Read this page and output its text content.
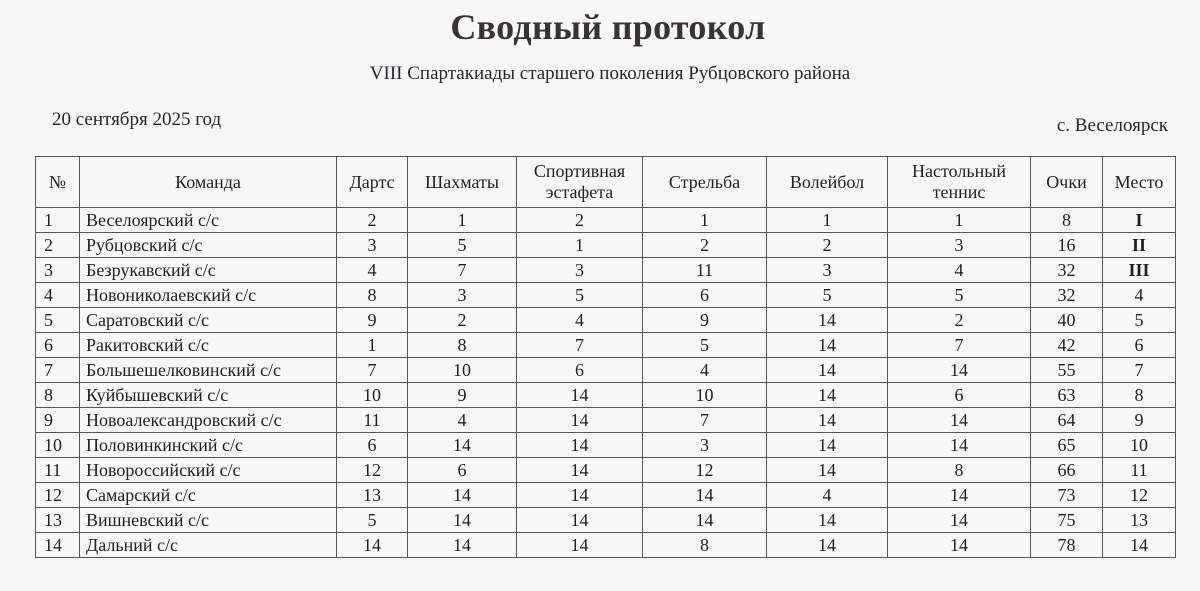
Сводный протокол
VIII Спартакиады старшего поколения Рубцовского района
20 сентября 2025 год	с. Веселоярск
№	Команда	Дартс	Шахматы	Спортивная эстафета	Стрельба	Волейбол	Настольный теннис	Очки	Место
1	Веселоярский с/с	2	1	2	1	1	1	8	I
2	Рубцовский с/с	3	5	1	2	2	3	16	II
3	Безрукавский с/с	4	7	3	11	3	4	32	III
4	Новониколаевский с/с	8	3	5	6	5	5	32	4
5	Саратовский с/с	9	2	4	9	14	2	40	5
6	Ракитовский с/с	1	8	7	5	14	7	42	6
7	Большешелковинский с/с	7	10	6	4	14	14	55	7
8	Куйбышевский с/с	10	9	14	10	14	6	63	8
9	Новоалександровский с/с	11	4	14	7	14	14	64	9
10	Половинкинский с/с	6	14	14	3	14	14	65	10
11	Новороссийский с/с	12	6	14	12	14	8	66	11
12	Самарский с/с	13	14	14	14	4	14	73	12
13	Вишневский с/с	5	14	14	14	14	14	75	13
14	Дальний с/с	14	14	14	8	14	14	78	14
